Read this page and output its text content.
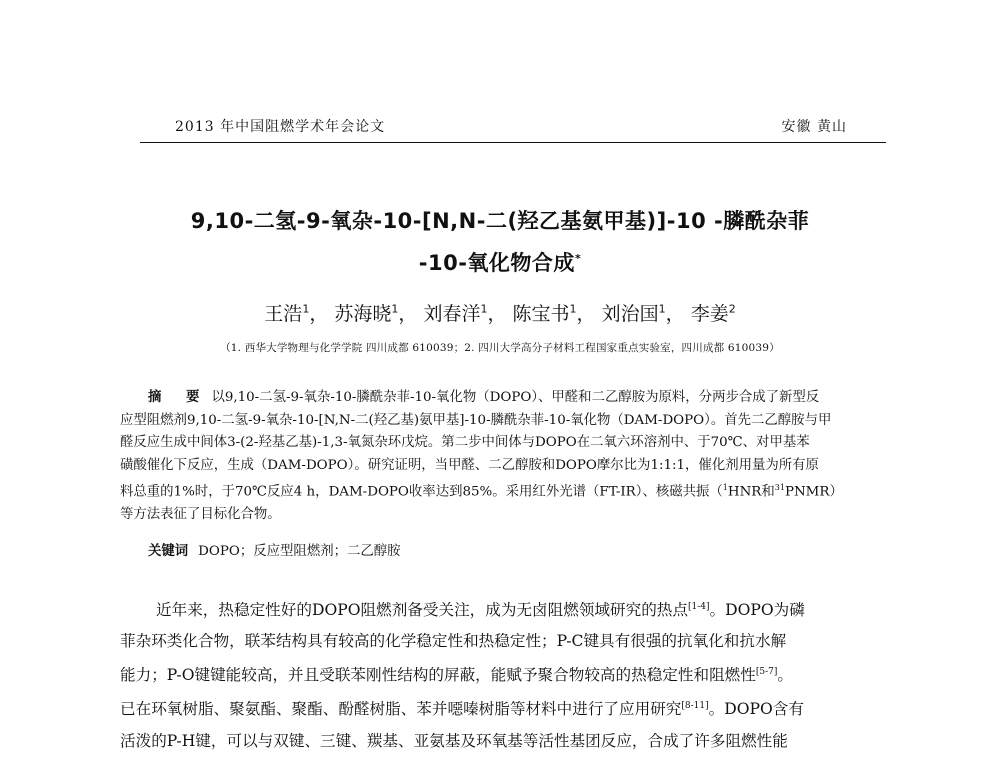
2013 年中国阻燃学术年会论文	安徽 黄山
9,10-二氢-9-氧杂-10-[N,N-二(羟乙基氨甲基)]-10 -膦酰杂菲
-10-氧化物合成*
王浩$^1$， 苏海晓$^1$， 刘春洋$^1$， 陈宝书$^1$， 刘治国$^1$， 李姜$^2$
（1. 西华大学物理与化学学院 四川成都 610039；2. 四川大学高分子材料工程国家重点实验室，四川成都 610039）
摘 要 以9,10-二氢-9-氧杂-10-膦酰杂菲-10-氧化物（DOPO）、甲醛和二乙醇胺为原料，分两步合成了新型反
应型阻燃剂9,10-二氢-9-氧杂-10-[N,N-二(羟乙基)氨甲基]-10-膦酰杂菲-10-氧化物（DAM-DOPO）。首先二乙醇胺与甲
醛反应生成中间体3-(2-羟基乙基)-1,3-氧氮杂环戊烷。第二步中间体与DOPO在二氧六环溶剂中、于70℃、对甲基苯
磺酸催化下反应，生成（DAM-DOPO）。研究证明，当甲醛、二乙醇胺和DOPO摩尔比为1:1:1，催化剂用量为所有原
料总重的1%时，于70℃反应4 h，DAM-DOPO收率达到85%。采用红外光谱（FT-IR）、核磁共振（$^1$HNR和$^{31}$PNMR）
等方法表征了目标化合物。
关键词 DOPO；反应型阻燃剂；二乙醇胺
近年来，热稳定性好的DOPO阻燃剂备受关注，成为无卤阻燃领域研究的热点[1-4]。DOPO为磷
菲杂环类化合物，联苯结构具有较高的化学稳定性和热稳定性；P-C键具有很强的抗氧化和抗水解
能力；P-O键键能较高，并且受联苯刚性结构的屏蔽，能赋予聚合物较高的热稳定性和阻燃性[5-7]。
已在环氧树脂、聚氨酯、聚酯、酚醛树脂、苯并噁嗪树脂等材料中进行了应用研究[8-11]。DOPO含有
活泼的P-H键，可以与双键、三键、羰基、亚氨基及环氧基等活性基团反应，合成了许多阻燃性能
